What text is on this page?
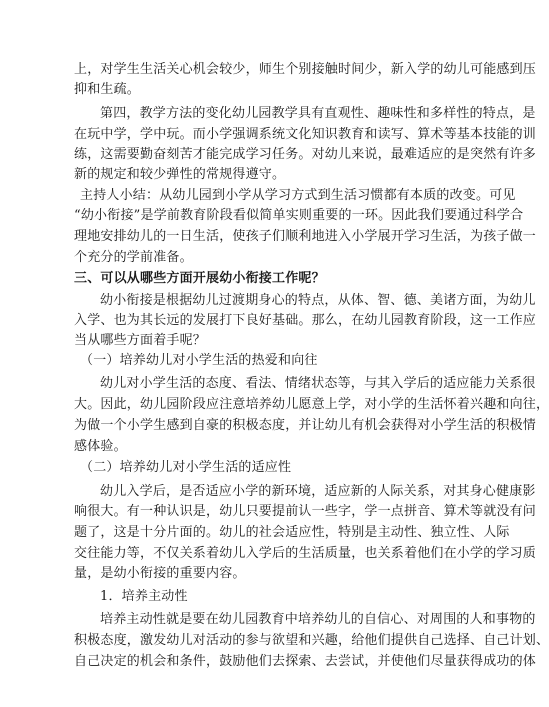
上，对学生生活关心机会较少，师生个别接触时间少，新入学的幼儿可能感到压
抑和生疏。
第四，教学方法的变化幼儿园教学具有直观性、趣味性和多样性的特点，是
在玩中学，学中玩。而小学强调系统文化知识教育和读写、算术等基本技能的训
练，这需要勤奋刻苦才能完成学习任务。对幼儿来说，最难适应的是突然有许多
新的规定和较少弹性的常规得遵守。
主持人小结：从幼儿园到小学从学习方式到生活习惯都有本质的改变。可见
“幼小衔接”是学前教育阶段看似简单实则重要的一环。因此我们要通过科学合
理地安排幼儿的一日生活，使孩子们顺利地进入小学展开学习生活，为孩子做一
个充分的学前准备。
三、可以从哪些方面开展幼小衔接工作呢？
幼小衔接是根据幼儿过渡期身心的特点，从体、智、德、美诸方面，为幼儿
入学、也为其长远的发展打下良好基础。那么，在幼儿园教育阶段，这一工作应
当从哪些方面着手呢？
（一）培养幼儿对小学生活的热爱和向往
幼儿对小学生活的态度、看法、情绪状态等，与其入学后的适应能力关系很
大。因此，幼儿园阶段应注意培养幼儿愿意上学，对小学的生活怀着兴趣和向往，
为做一个小学生感到自豪的积极态度，并让幼儿有机会获得对小学生活的积极情
感体验。
（二）培养幼儿对小学生活的适应性
幼儿入学后，是否适应小学的新环境，适应新的人际关系，对其身心健康影
响很大。有一种认识是，幼儿只要提前认一些字，学一点拼音、算术等就没有问
题了，这是十分片面的。幼儿的社会适应性，特别是主动性、独立性、人际
交往能力等，不仅关系着幼儿入学后的生活质量，也关系着他们在小学的学习质
量，是幼小衔接的重要内容。
1．培养主动性
培养主动性就是要在幼儿园教育中培养幼儿的自信心、对周围的人和事物的
积极态度，激发幼儿对活动的参与欲望和兴趣，给他们提供自己选择、自己计划、
自己决定的机会和条件，鼓励他们去探索、去尝试，并使他们尽量获得成功的体
